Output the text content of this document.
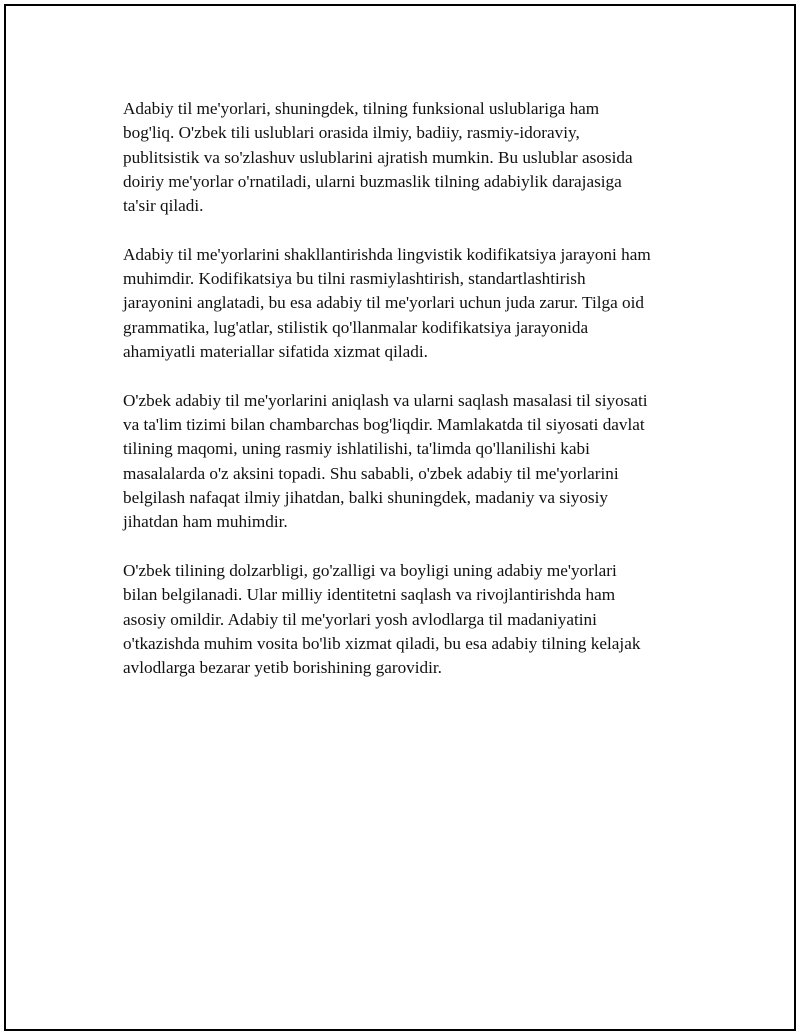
Adabiy til me'yorlari, shuningdek, tilning funksional uslublariga ham
bog'liq. O'zbek tili uslublari orasida ilmiy, badiiy, rasmiy-idoraviy,
publitsistik va so'zlashuv uslublarini ajratish mumkin. Bu uslublar asosida
doiriy me'yorlar o'rnatiladi, ularni buzmaslik tilning adabiylik darajasiga
ta'sir qiladi.

Adabiy til me'yorlarini shakllantirishda lingvistik kodifikatsiya jarayoni ham
muhimdir. Kodifikatsiya bu tilni rasmiylashtirish, standartlashtirish
jarayonini anglatadi, bu esa adabiy til me'yorlari uchun juda zarur. Tilga oid
grammatika, lug'atlar, stilistik qo'llanmalar kodifikatsiya jarayonida
ahamiyatli materiallar sifatida xizmat qiladi.

O'zbek adabiy til me'yorlarini aniqlash va ularni saqlash masalasi til siyosati
va ta'lim tizimi bilan chambarchas bog'liqdir. Mamlakatda til siyosati davlat
tilining maqomi, uning rasmiy ishlatilishi, ta'limda qo'llanilishi kabi
masalalarda o'z aksini topadi. Shu sababli, o'zbek adabiy til me'yorlarini
belgilash nafaqat ilmiy jihatdan, balki shuningdek, madaniy va siyosiy
jihatdan ham muhimdir.

O'zbek tilining dolzarbligi, go'zalligi va boyligi uning adabiy me'yorlari
bilan belgilanadi. Ular milliy identitetni saqlash va rivojlantirishda ham
asosiy omildir. Adabiy til me'yorlari yosh avlodlarga til madaniyatini
o'tkazishda muhim vosita bo'lib xizmat qiladi, bu esa adabiy tilning kelajak
avlodlarga bezarar yetib borishining garovidir.
